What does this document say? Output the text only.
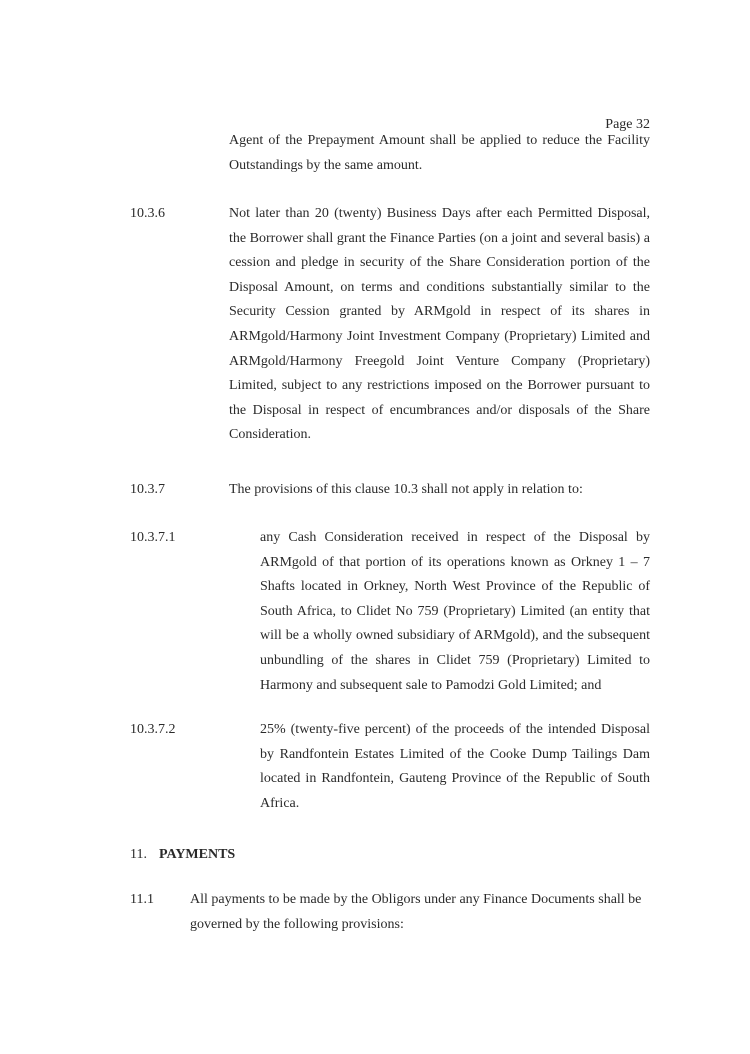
Page 32

Agent of the Prepayment Amount shall be applied to reduce the Facility Outstandings by the same amount.

10.3.6	Not later than 20 (twenty) Business Days after each Permitted Disposal, the Borrower shall grant the Finance Parties (on a joint and several basis) a cession and pledge in security of the Share Consideration portion of the Disposal Amount, on terms and conditions substantially similar to the Security Cession granted by ARMgold in respect of its shares in ARMgold/Harmony Joint Investment Company (Proprietary) Limited and ARMgold/Harmony Freegold Joint Venture Company (Proprietary) Limited, subject to any restrictions imposed on the Borrower pursuant to the Disposal in respect of encumbrances and/or disposals of the Share Consideration.

10.3.7	The provisions of this clause 10.3 shall not apply in relation to:

10.3.7.1	any Cash Consideration received in respect of the Disposal by ARMgold of that portion of its operations known as Orkney 1 – 7 Shafts located in Orkney, North West Province of the Republic of South Africa, to Clidet No 759 (Proprietary) Limited (an entity that will be a wholly owned subsidiary of ARMgold), and the subsequent unbundling of the shares in Clidet 759 (Proprietary) Limited to Harmony and subsequent sale to Pamodzi Gold Limited; and

10.3.7.2	25% (twenty-five percent) of the proceeds of the intended Disposal by Randfontein Estates Limited of the Cooke Dump Tailings Dam located in Randfontein, Gauteng Province of the Republic of South Africa.

11. PAYMENTS
11.1	All payments to be made by the Obligors under any Finance Documents shall be governed by the following provisions:
